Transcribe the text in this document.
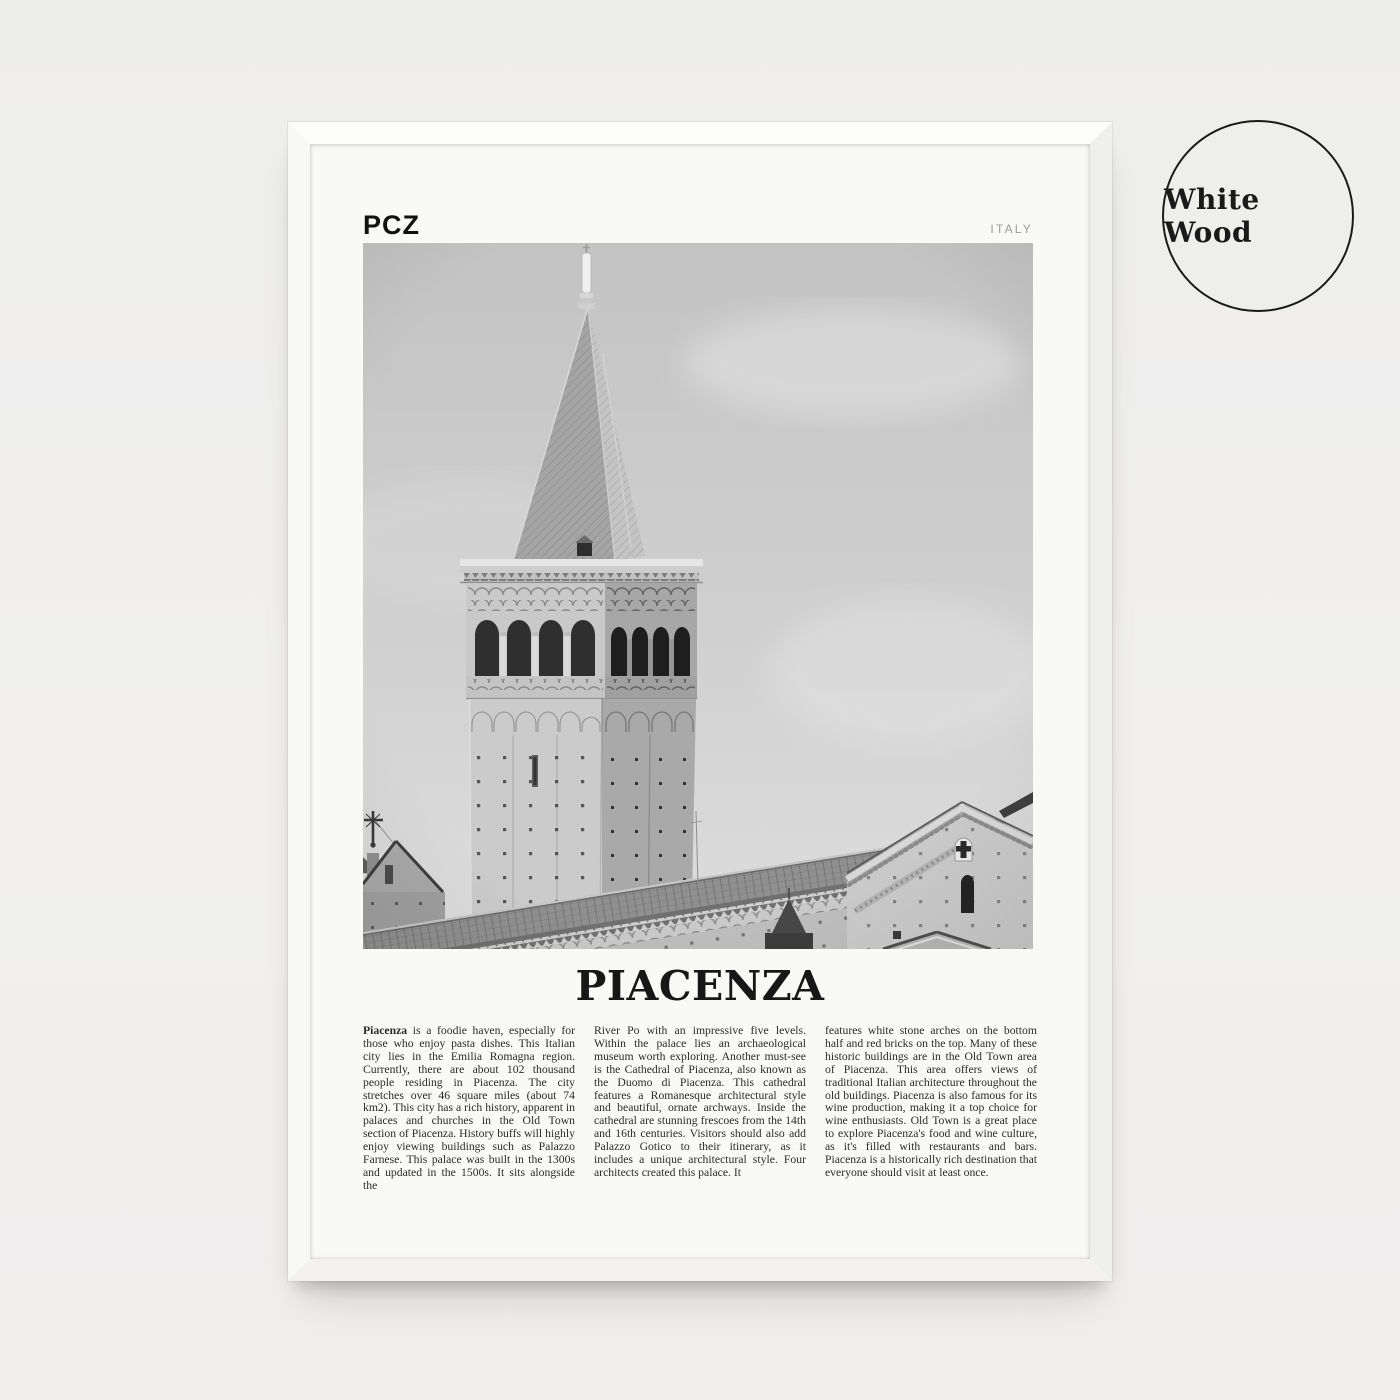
White Wood
PCZ	ITALY
PIACENZA

Piacenza is a foodie haven, especially for those who enjoy pasta dishes. This Italian city lies in the Emilia Romagna region. Currently, there are about 102 thousand people residing in Piacenza. The city stretches over 46 square miles (about 74 km2). This city has a rich history, apparent in palaces and churches in the Old Town section of Piacenza. History buffs will highly enjoy viewing buildings such as Palazzo Farnese. This palace was built in the 1300s and updated in the 1500s. It sits alongside the

River Po with an impressive five levels. Within the palace lies an archaeological museum worth exploring. Another must-see is the Cathedral of Piacenza, also known as the Duomo di Piacenza. This cathedral features a Romanesque architectural style and beautiful, ornate archways. Inside the cathedral are stunning frescoes from the 14th and 16th centuries. Visitors should also add Palazzo Gotico to their itinerary, as it includes a unique architectural style. Four architects created this palace. It

features white stone arches on the bottom half and red bricks on the top. Many of these historic buildings are in the Old Town area of Piacenza. This area offers views of traditional Italian architecture throughout the old buildings. Piacenza is also famous for its wine production, making it a top choice for wine enthusiasts. Old Town is a great place to explore Piacenza's food and wine culture, as it's filled with restaurants and bars. Piacenza is a historically rich destination that everyone should visit at least once.
